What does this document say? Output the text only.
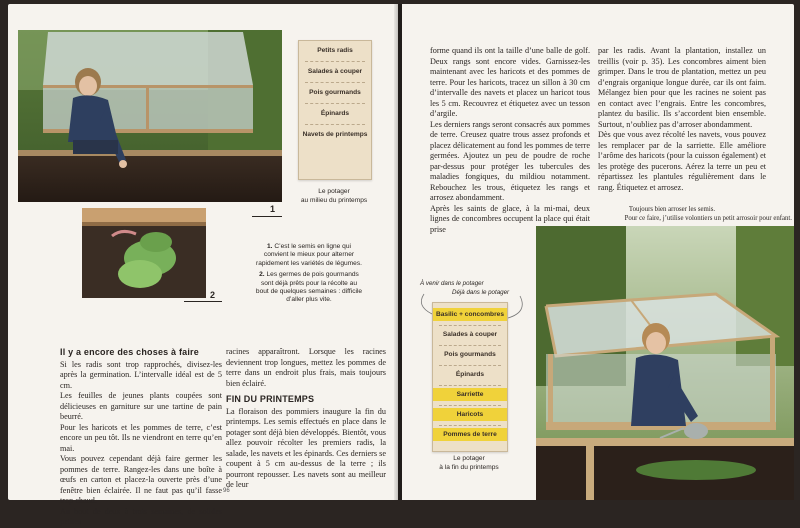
1
Petits radis
Salades à couper
Pois gourmands
Épinards
Navets de printemps
Le potager
au milieu du printemps
2
1. C’est le semis en ligne qui convient le mieux pour alterner rapidement les variétés de légumes.
2. Les germes de pois gourmands sont déjà prêts pour la récolte au bout de quelques semaines : difficile d’aller plus vite.
Il y a encore des choses à faire

Si les radis sont trop rapprochés, divisez-les après la germination. L’intervalle idéal est de 5 cm.

Les feuilles de jeunes plants coupées sont délicieuses en garniture sur une tartine de pain beurré.

Pour les haricots et les pommes de terre, c’est encore un peu tôt. Ils ne viendront en terre qu’en mai.

Vous pouvez cependant déjà faire germer les pommes de terre. Rangez-les dans une boîte à œufs en carton et placez-la ouverte près d’une fenêtre bien éclairée. Il ne faut pas qu’il fasse trop chaud.

Au bout de deux à trois semaines, de solides petites

racines apparaîtront. Lorsque les racines deviennent trop longues, mettez les pommes de terre dans un endroit plus frais, mais toujours bien éclairé.

FIN DU PRINTEMPS

La floraison des pommiers inaugure la fin du printemps. Les semis effectués en place dans le potager sont déjà bien développés. Bientôt, vous allez pouvoir récolter les premiers radis, la salade, les navets et les épinards. Ces derniers se coupent à 5 cm au-dessus de la terre ; ils pourront repousser. Les navets sont au meilleur de leur

96

forme quand ils ont la taille d’une balle de golf. Deux rangs sont encore vides. Garnissez-les maintenant avec les haricots et des pommes de terre. Pour les haricots, tracez un sillon à 30 cm d’intervalle des navets et placez un haricot tous les 5 cm. Recouvrez et étiquetez avec un tesson d’argile.

Les derniers rangs seront consacrés aux pommes de terre. Creusez quatre trous assez profonds et placez délicatement au fond les pommes de terre germées. Ajoutez un peu de poudre de roche par-dessus pour protéger les tubercules des maladies fongiques, du mildiou notamment. Rebouchez les trous, étiquetez les rangs et arrosez abondamment.

Après les saints de glace, à la mi-mai, deux lignes de concombres occupent la place qui était prise

par les radis. Avant la plantation, installez un treillis (voir p. 35). Les concombres aiment bien grimper. Dans le trou de plantation, mettez un peu d’engrais organique longue durée, car ils ont faim. Mélangez bien pour que les racines ne soient pas en contact avec l’engrais. Entre les concombres, plantez du basilic. Ils s’accordent bien ensemble. Surtout, n’oubliez pas d’arroser abondamment.

Dès que vous avez récolté les navets, vous pouvez les remplacer par de la sarriette. Elle améliore l’arôme des haricots (pour la cuisson également) et les protège des pucerons. Aérez la terre un peu et répartissez les plantules régulièrement dans le rang. Étiquetez et arrosez.

Toujours bien arroser les semis.
Pour ce faire, j’utilise volontiers un petit arrosoir pour enfant.
À venir dans le potager
Déjà dans le potager
Basilic + concombres
Salades à couper
Pois gourmands
Épinards
Sarriette
Haricots
Pommes de terre
Le potager
à la fin du printemps
